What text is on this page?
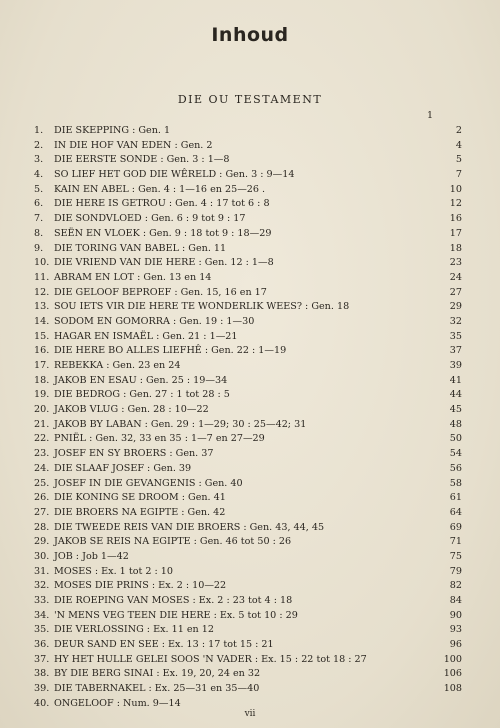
Inhoud
DIE OU TESTAMENT
1
1.	DIE SKEPPING : Gen. 1	2
2.	IN DIE HOF VAN EDEN : Gen. 2	4
3.	DIE EERSTE SONDE : Gen. 3 : 1—8	5
4.	SO LIEF HET GOD DIE WÊRELD : Gen. 3 : 9—14	7
5.	KAIN EN ABEL : Gen. 4 : 1—16 en 25—26 .	10
6.	DIE HERE IS GETROU : Gen. 4 : 17 tot 6 : 8	12
7.	DIE SONDVLOED : Gen. 6 : 9 tot 9 : 17	16
8.	SEËN EN VLOEK : Gen. 9 : 18 tot 9 : 18—29	17
9.	DIE TORING VAN BABEL : Gen. 11	18
10. DIE VRIEND VAN DIE HERE : Gen. 12 : 1—8	23
11. ABRAM EN LOT : Gen. 13 en 14	24
12. DIE GELOOF BEPROEF : Gen. 15, 16 en 17	27
13. SOU IETS VIR DIE HERE TE WONDERLIK WEES? : Gen. 18	29
14. SODOM EN GOMORRA : Gen. 19 : 1—30	32
15. HAGAR EN ISMAËL : Gen. 21 : 1—21	35
16. DIE HERE BO ALLES LIEFHÊ : Gen. 22 : 1—19	37
17. REBEKKA : Gen. 23 en 24	39
18. JAKOB EN ESAU : Gen. 25 : 19—34	41
19. DIE BEDROG : Gen. 27 : 1 tot 28 : 5	44
20. JAKOB VLUG : Gen. 28 : 10—22	45
21. JAKOB BY LABAN : Gen. 29 : 1—29; 30 : 25—42; 31	48
22. PNIËL : Gen. 32, 33 en 35 : 1—7 en 27—29	50
23. JOSEF EN SY BROERS : Gen. 37	54
24. DIE SLAAF JOSEF : Gen. 39	56
25. JOSEF IN DIE GEVANGENIS : Gen. 40	58
26. DIE KONING SE DROOM : Gen. 41	61
27. DIE BROERS NA EGIPTE : Gen. 42	64
28. DIE TWEEDE REIS VAN DIE BROERS : Gen. 43, 44, 45	69
29. JAKOB SE REIS NA EGIPTE : Gen. 46 tot 50 : 26	71
30. JOB : Job 1—42	75
31. MOSES : Ex. 1 tot 2 : 10	79
32. MOSES DIE PRINS : Ex. 2 : 10—22	82
33. DIE ROEPING VAN MOSES : Ex. 2 : 23 tot 4 : 18	84
34. 'N MENS VEG TEEN DIE HERE : Ex. 5 tot 10 : 29	90
35. DIE VERLOSSING : Ex. 11 en 12	93
36. DEUR SAND EN SEE : Ex. 13 : 17 tot 15 : 21	96
37. HY HET HULLE GELEI SOOS 'N VADER : Ex. 15 : 22 tot 18 : 27	100
38. BY DIE BERG SINAI : Ex. 19, 20, 24 en 32	106
39. DIE TABERNAKEL : Ex. 25—31 en 35—40	108
40. ONGELOOF : Num. 9—14
vii
